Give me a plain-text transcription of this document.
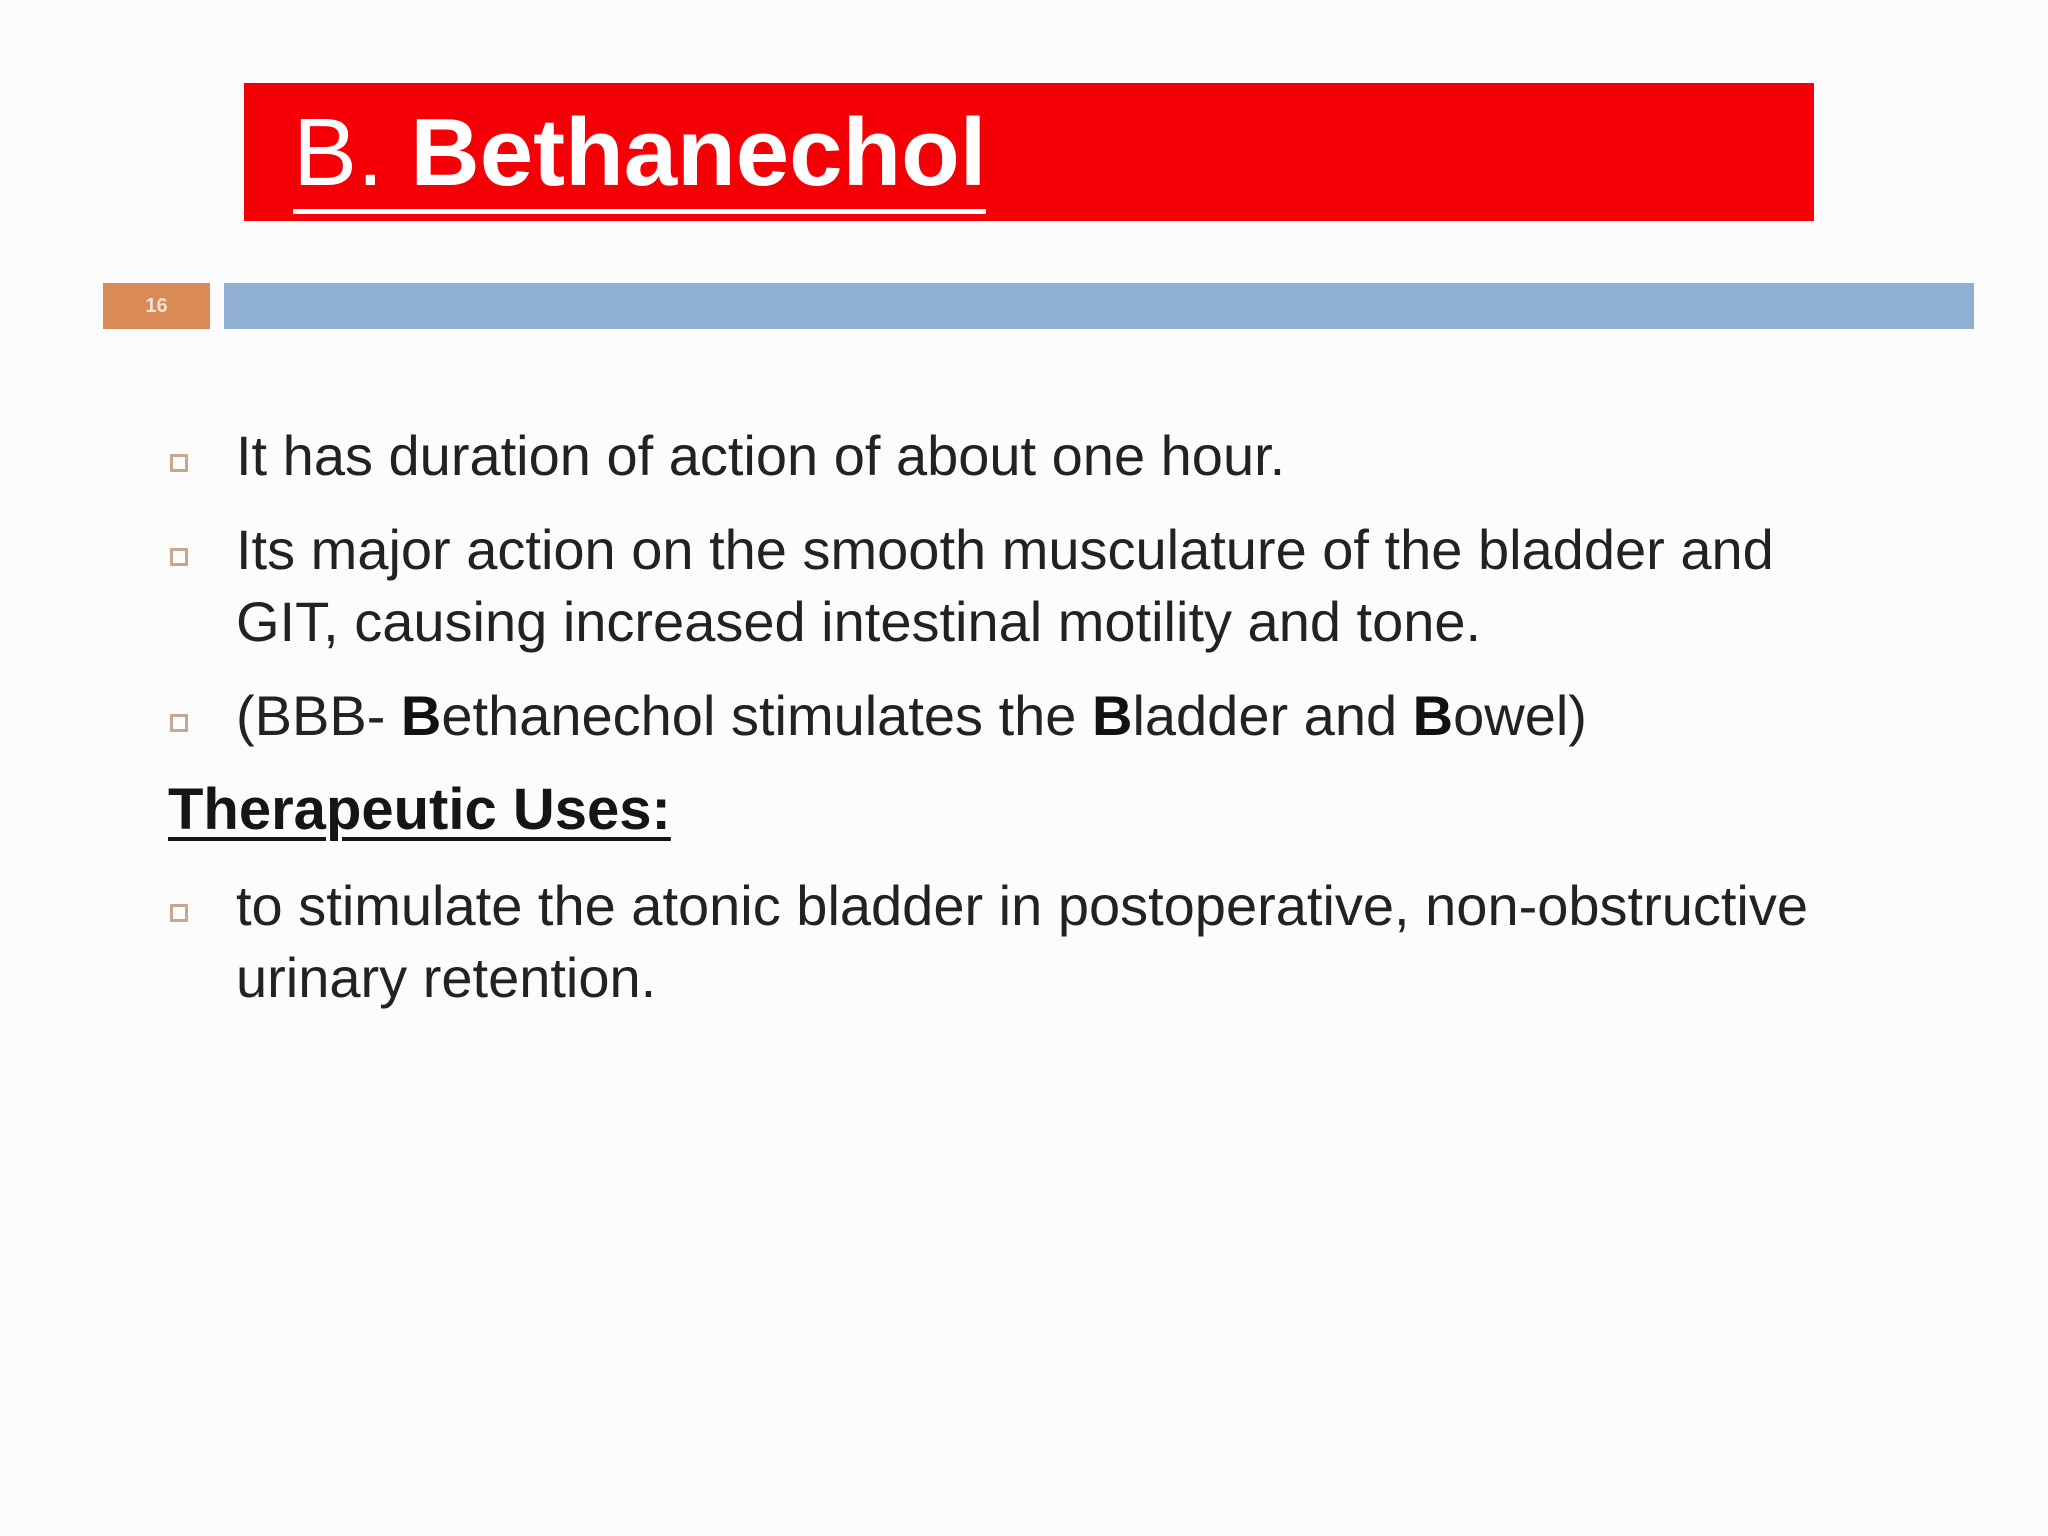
B. Bethanechol
16
It has duration of action of about one hour.
Its major action on the smooth musculature of the bladder and GIT, causing increased intestinal motility and tone.
(BBB- Bethanechol stimulates the Bladder and Bowel)
Therapeutic Uses:
to stimulate the atonic bladder in postoperative, non-obstructive urinary retention.
